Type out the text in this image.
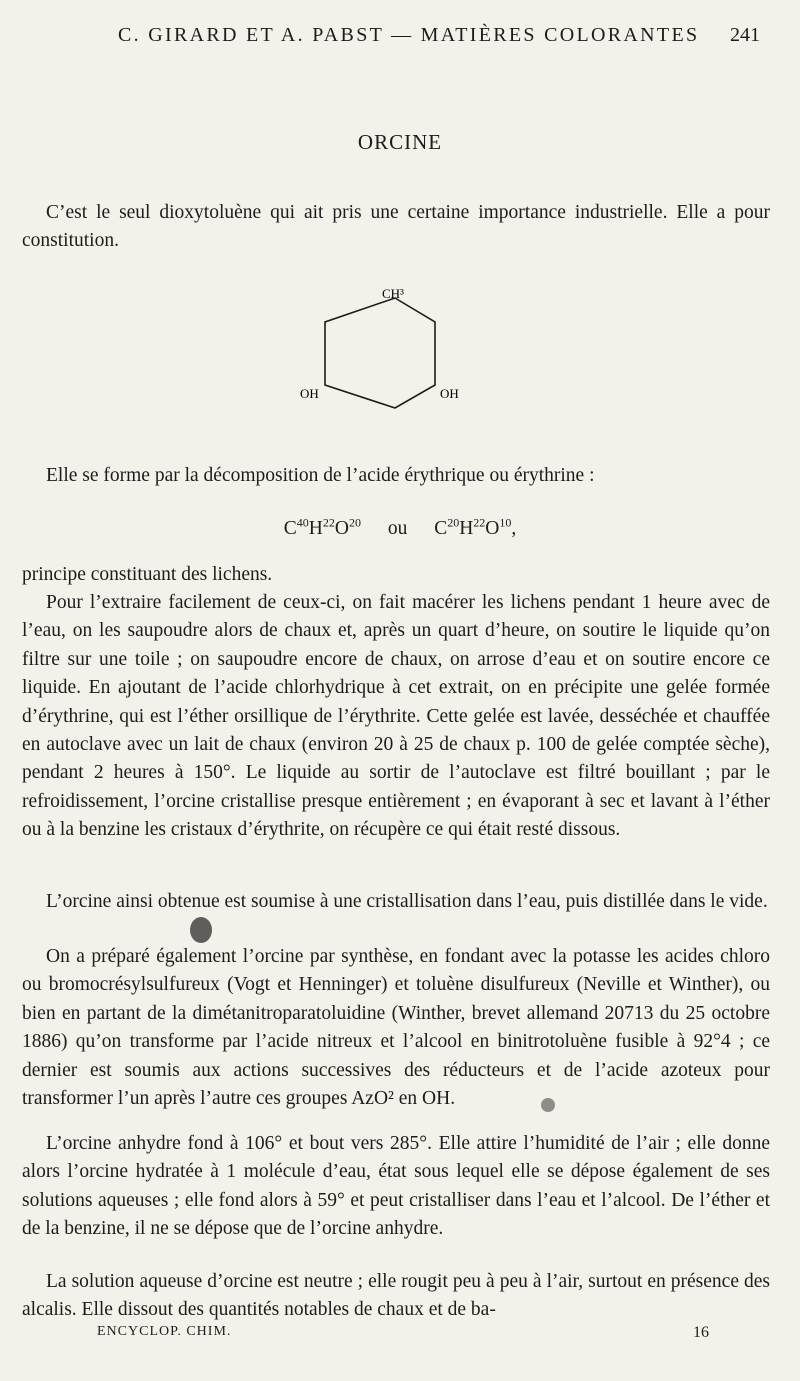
C. GIRARD ET A. PABST — MATIÈRES COLORANTES 241
ORCINE

C’est le seul dioxytoluène qui ait pris une certaine importance industrielle. Elle a pour constitution.

CH³
OH	OH

Elle se forme par la décomposition de l’acide érythrique ou érythrine :

$C^{40}H^{22}O^{20}$ ou $C^{20}H^{22}O^{10}$,

principe constituant des lichens.

Pour l’extraire facilement de ceux-ci, on fait macérer les lichens pendant 1 heure avec de l’eau, on les saupoudre alors de chaux et, après un quart d’heure, on soutire le liquide qu’on filtre sur une toile ; on saupoudre encore de chaux, on arrose d’eau et on soutire encore ce liquide. En ajoutant de l’acide chlorhydrique à cet extrait, on en précipite une gelée formée d’érythrine, qui est l’éther orsillique de l’érythrite. Cette gelée est lavée, desséchée et chauffée en autoclave avec un lait de chaux (environ 20 à 25 de chaux p. 100 de gelée comptée sèche), pendant 2 heures à 150°. Le liquide au sortir de l’autoclave est filtré bouillant ; par le refroidissement, l’orcine cristallise presque entièrement ; en évaporant à sec et lavant à l’éther ou à la benzine les cristaux d’érythrite, on récupère ce qui était resté dissous.

L’orcine ainsi obtenue est soumise à une cristallisation dans l’eau, puis distillée dans le vide.

On a préparé également l’orcine par synthèse, en fondant avec la potasse les acides chloro ou bromocrésylsulfureux (Vogt et Henninger) et toluène disulfureux (Neville et Winther), ou bien en partant de la dimétanitroparatoluidine (Winther, brevet allemand 20713 du 25 octobre 1886) qu’on transforme par l’acide nitreux et l’alcool en binitrotoluène fusible à 92°4 ; ce dernier est soumis aux actions successives des réducteurs et de l’acide azoteux pour transformer l’un après l’autre ces groupes AzO² en OH.

L’orcine anhydre fond à 106° et bout vers 285°. Elle attire l’humidité de l’air ; elle donne alors l’orcine hydratée à 1 molécule d’eau, état sous lequel elle se dépose également de ses solutions aqueuses ; elle fond alors à 59° et peut cristalliser dans l’eau et l’alcool. De l’éther et de la benzine, il ne se dépose que de l’orcine anhydre.

La solution aqueuse d’orcine est neutre ; elle rougit peu à peu à l’air, surtout en présence des alcalis. Elle dissout des quantités notables de chaux et de ba-

ENCYCLOP. CHIM.	16
